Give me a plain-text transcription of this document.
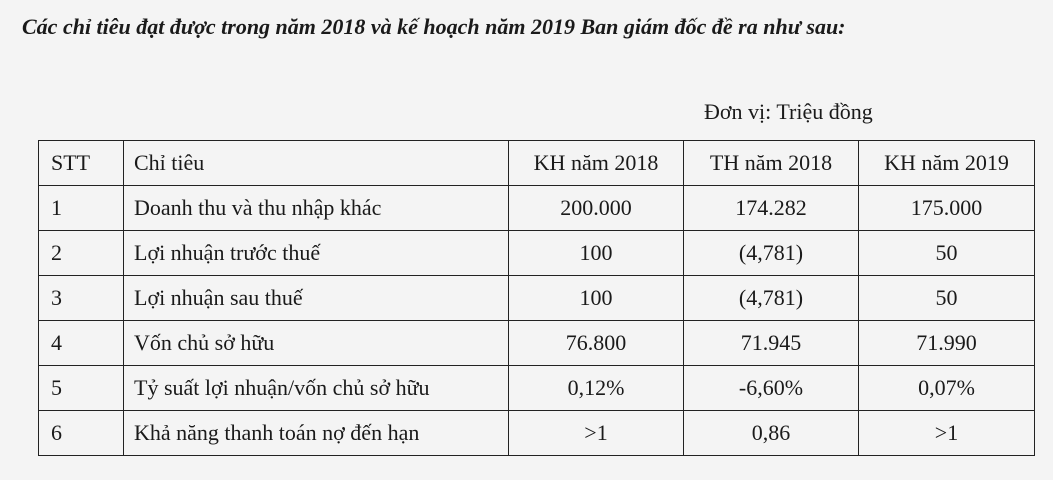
Các chỉ tiêu đạt được trong năm 2018 và kế hoạch năm 2019 Ban giám đốc đề ra như sau:

Đơn vị: Triệu đồng
STT	Chỉ tiêu	KH năm 2018	TH năm 2018	KH năm 2019
1	Doanh thu và thu nhập khác	200.000	174.282	175.000
2	Lợi nhuận trước thuế	100	(4,781)	50
3	Lợi nhuận sau thuế	100	(4,781)	50
4	Vốn chủ sở hữu	76.800	71.945	71.990
5	Tỷ suất lợi nhuận/vốn chủ sở hữu	0,12%	-6,60%	0,07%
6	Khả năng thanh toán nợ đến hạn	>1	0,86	>1
